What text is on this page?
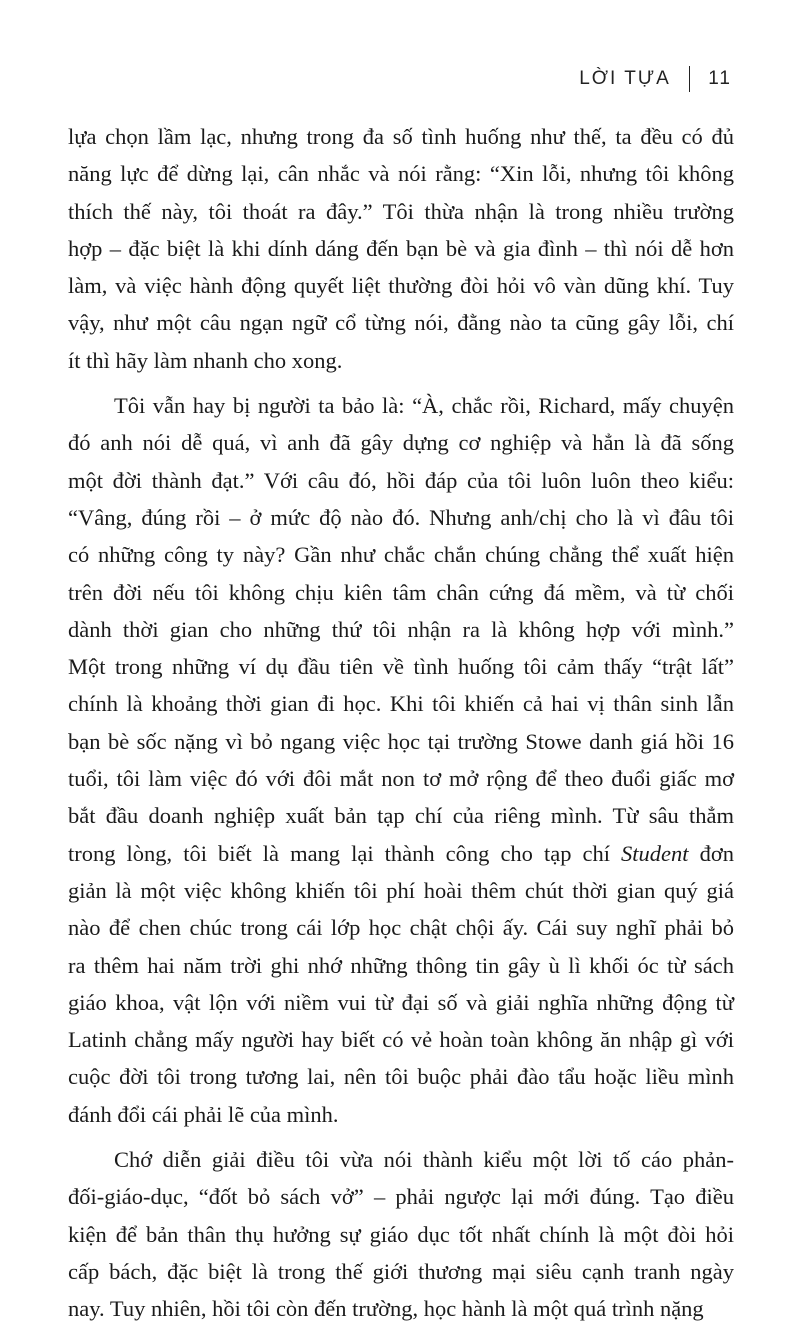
LỜI TỰA 11
lựa chọn lầm lạc, nhưng trong đa số tình huống như thế, ta đều có đủ
năng lực để dừng lại, cân nhắc và nói rằng: “Xin lỗi, nhưng tôi không
thích thế này, tôi thoát ra đây.” Tôi thừa nhận là trong nhiều trường
hợp – đặc biệt là khi dính dáng đến bạn bè và gia đình – thì nói dễ hơn
làm, và việc hành động quyết liệt thường đòi hỏi vô vàn dũng khí. Tuy
vậy, như một câu ngạn ngữ cổ từng nói, đằng nào ta cũng gây lỗi, chí
ít thì hãy làm nhanh cho xong.
Tôi vẫn hay bị người ta bảo là: “À, chắc rồi, Richard, mấy chuyện
đó anh nói dễ quá, vì anh đã gây dựng cơ nghiệp và hẳn là đã sống
một đời thành đạt.” Với câu đó, hồi đáp của tôi luôn luôn theo kiểu:
“Vâng, đúng rồi – ở mức độ nào đó. Nhưng anh/chị cho là vì đâu tôi
có những công ty này? Gần như chắc chắn chúng chẳng thể xuất hiện
trên đời nếu tôi không chịu kiên tâm chân cứng đá mềm, và từ chối
dành thời gian cho những thứ tôi nhận ra là không hợp với mình.”
Một trong những ví dụ đầu tiên về tình huống tôi cảm thấy “trật lất”
chính là khoảng thời gian đi học. Khi tôi khiến cả hai vị thân sinh lẫn
bạn bè sốc nặng vì bỏ ngang việc học tại trường Stowe danh giá hồi 16
tuổi, tôi làm việc đó với đôi mắt non tơ mở rộng để theo đuổi giấc mơ
bắt đầu doanh nghiệp xuất bản tạp chí của riêng mình. Từ sâu thẳm
trong lòng, tôi biết là mang lại thành công cho tạp chí Student đơn
giản là một việc không khiến tôi phí hoài thêm chút thời gian quý giá
nào để chen chúc trong cái lớp học chật chội ấy. Cái suy nghĩ phải bỏ
ra thêm hai năm trời ghi nhớ những thông tin gây ù lì khối óc từ sách
giáo khoa, vật lộn với niềm vui từ đại số và giải nghĩa những động từ
Latinh chẳng mấy người hay biết có vẻ hoàn toàn không ăn nhập gì với
cuộc đời tôi trong tương lai, nên tôi buộc phải đào tẩu hoặc liều mình
đánh đổi cái phải lẽ của mình.
Chớ diễn giải điều tôi vừa nói thành kiểu một lời tố cáo phản-
đối-giáo-dục, “đốt bỏ sách vở” – phải ngược lại mới đúng. Tạo điều
kiện để bản thân thụ hưởng sự giáo dục tốt nhất chính là một đòi hỏi
cấp bách, đặc biệt là trong thế giới thương mại siêu cạnh tranh ngày
nay. Tuy nhiên, hồi tôi còn đến trường, học hành là một quá trình nặng
